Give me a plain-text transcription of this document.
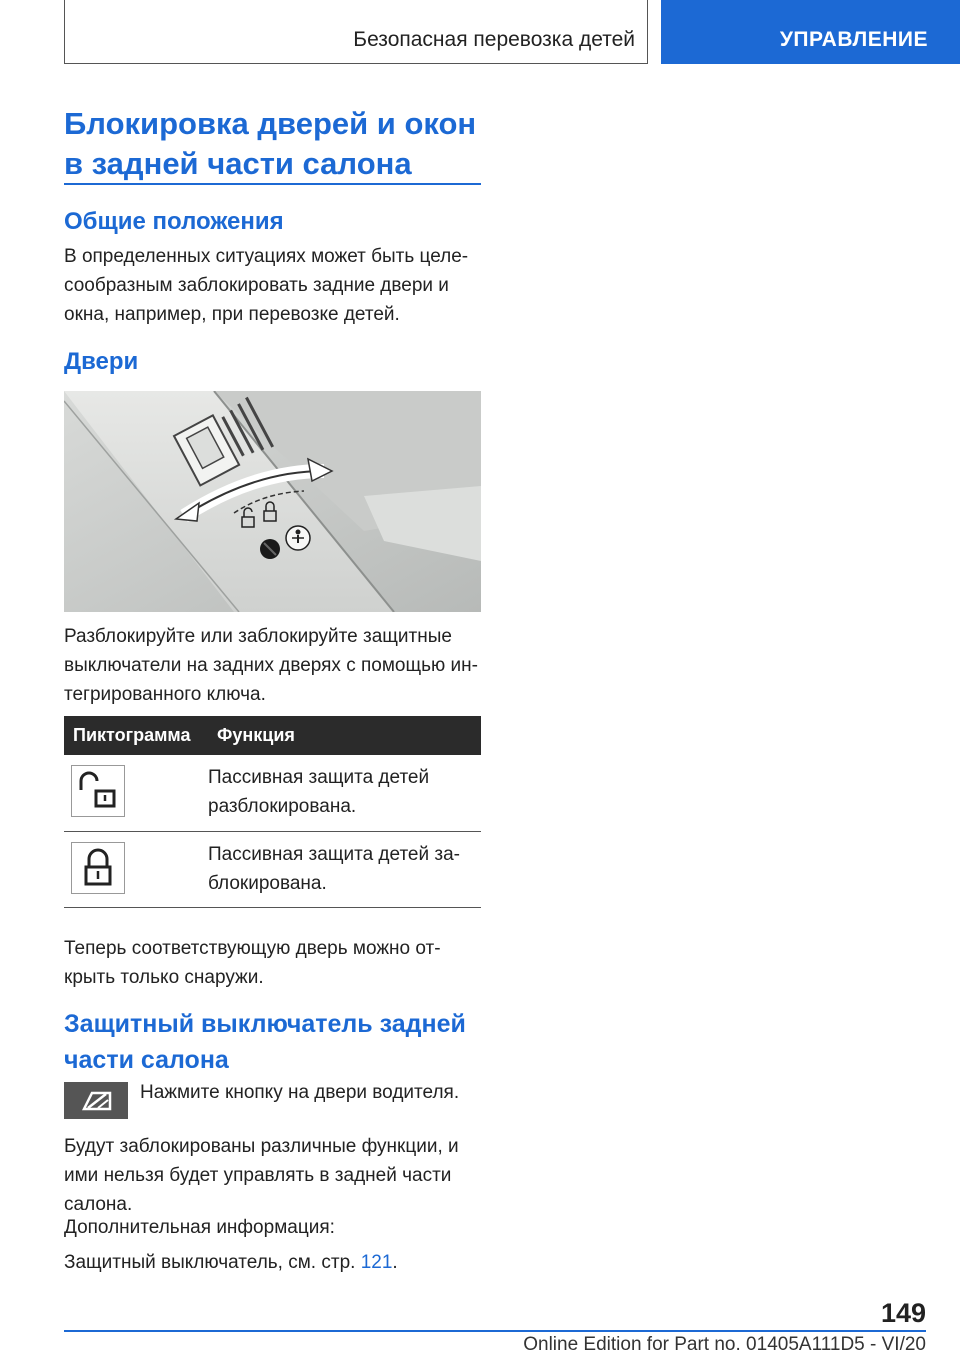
Безопасная перевозка детей	УПРАВЛЕНИЕ
Блокировка дверей и окон
в задней части салона
Общие положения
В определенных ситуациях может быть целе-
сообразным заблокировать задние двери и
окна, например, при перевозке детей.
Двери
Разблокируйте или заблокируйте защитные
выключатели на задних дверях с помощью ин-
тегрированного ключа.
Пиктограмма	Функция

Пассивная защита детей
разблокирована.

Пассивная защита детей за-
блокирована.
Теперь соответствующую дверь можно от-
крыть только снаружи.
Защитный выключатель задней
части салона
Нажмите кнопку на двери водителя.
Будут заблокированы различные функции, и
ими нельзя будет управлять в задней части
салона.
Дополнительная информация:
Защитный выключатель, см. стр. 121.
149
Online Edition for Part no. 01405A111D5 - VI/20
